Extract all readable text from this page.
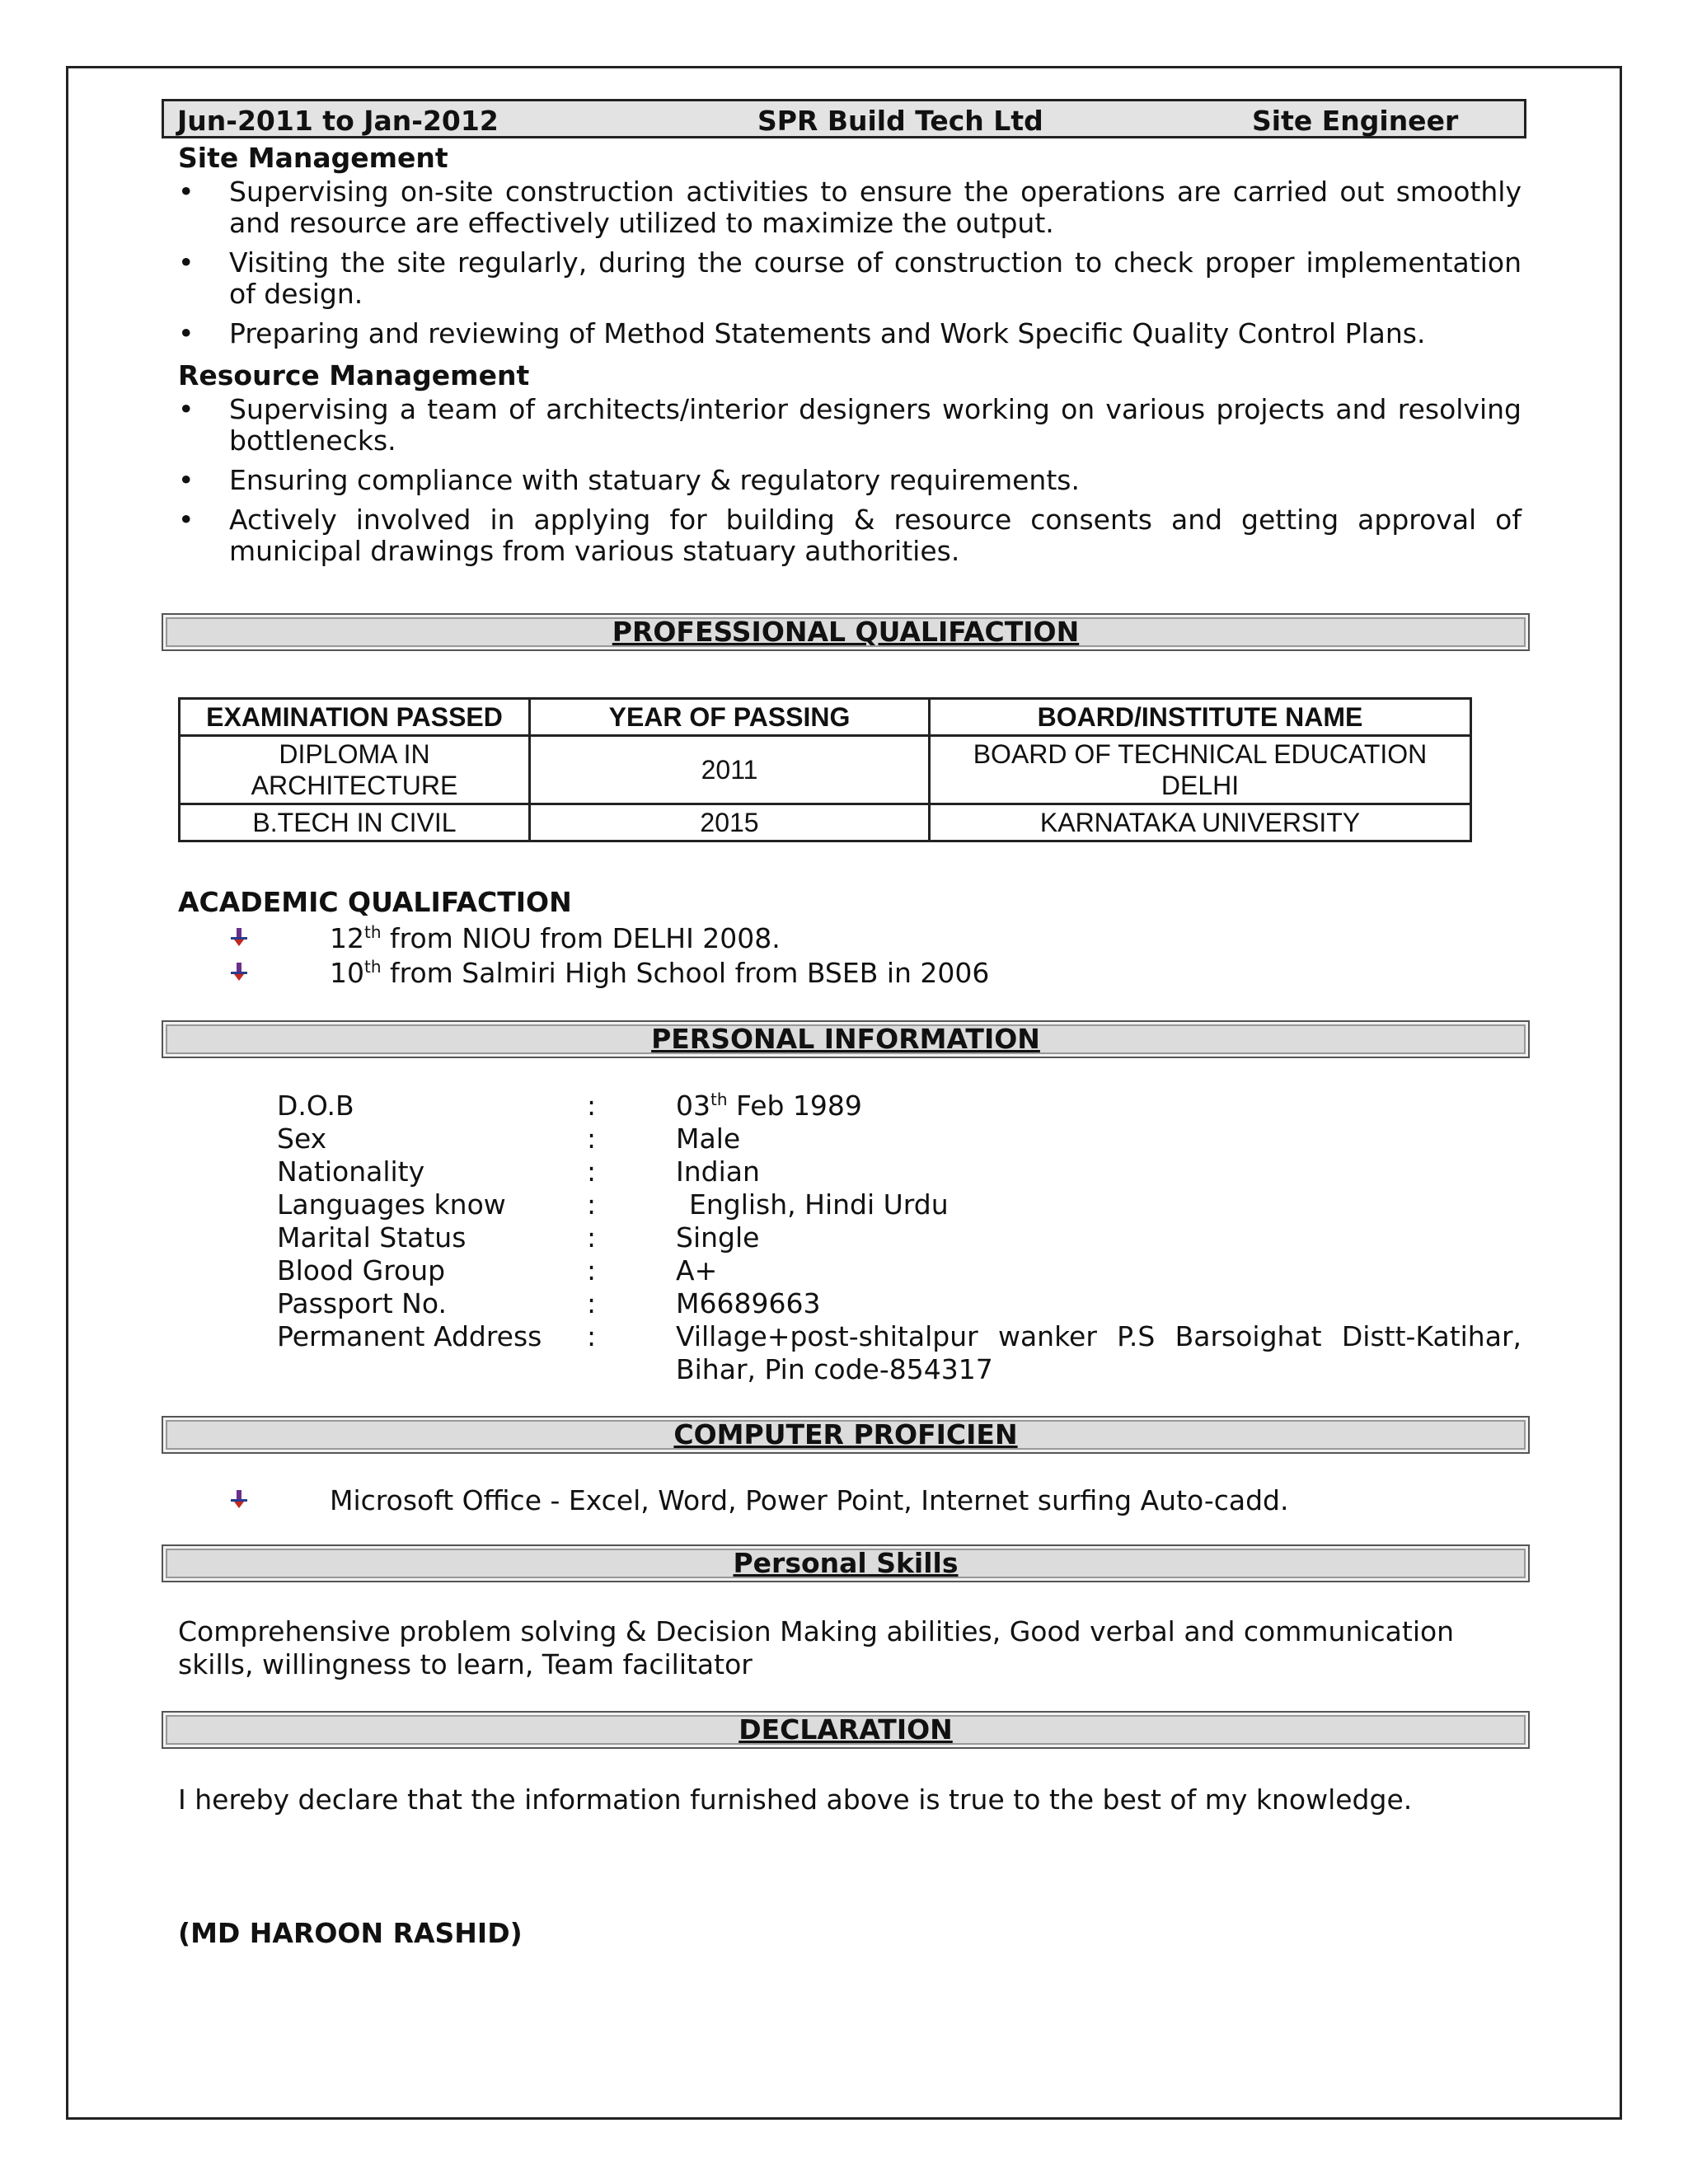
Jun-2011 to Jan-2012	SPR Build Tech Ltd	Site Engineer
Site Management
• Supervising on-site construction activities to ensure the operations are carried out smoothly and resource are effectively utilized to maximize the output.
• Visiting the site regularly, during the course of construction to check proper implementation of design.
• Preparing and reviewing of Method Statements and Work Specific Quality Control Plans.
Resource Management
• Supervising a team of architects/interior designers working on various projects and resolving bottlenecks.
• Ensuring compliance with statuary & regulatory requirements.
• Actively involved in applying for building & resource consents and getting approval of municipal drawings from various statuary authorities.
PROFESSIONAL QUALIFACTION
EXAMINATION PASSED	YEAR OF PASSING	BOARD/INSTITUTE NAME
DIPLOMA IN ARCHITECTURE	2011	BOARD OF TECHNICAL EDUCATION DELHI
B.TECH IN CIVIL	2015	KARNATAKA UNIVERSITY
ACADEMIC QUALIFACTION
12th from NIOU from DELHI 2008.
10th from Salmiri High School from BSEB in 2006
PERSONAL INFORMATION
D.O.B	:	03th Feb 1989
Sex	:	Male
Nationality	:	Indian
Languages know	:	English, Hindi Urdu
Marital Status	:	Single
Blood Group	:	A+
Passport No.	:	M6689663
Permanent Address :	Village+post-shitalpur wanker P.S Barsoighat Distt-Katihar, Bihar, Pin code-854317
COMPUTER PROFICIEN
Microsoft Office - Excel, Word, Power Point, Internet surfing Auto-cadd.
Personal Skills
Comprehensive problem solving & Decision Making abilities, Good verbal and communication skills, willingness to learn, Team facilitator
DECLARATION
I hereby declare that the information furnished above is true to the best of my knowledge.
(MD HAROON RASHID)
